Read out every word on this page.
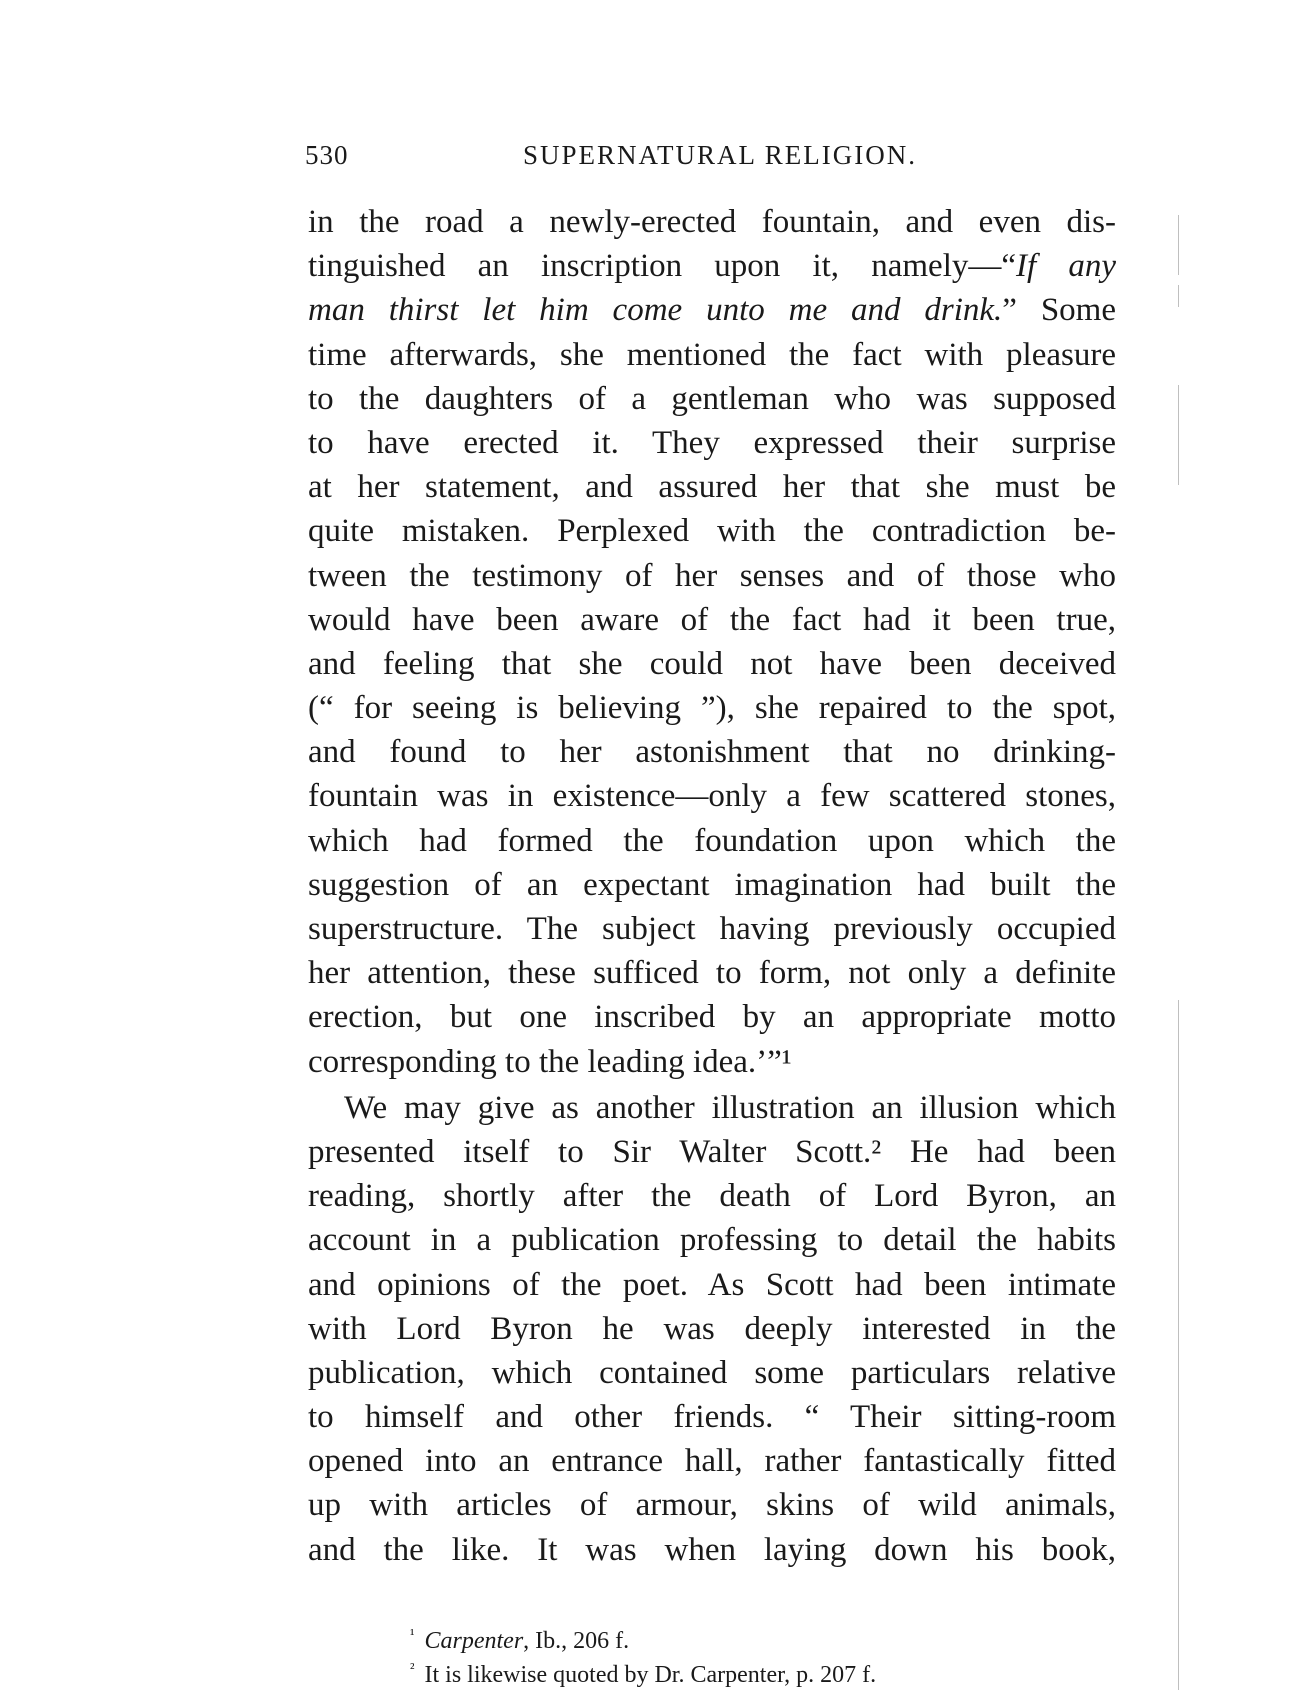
530	SUPERNATURAL RELIGION.
in the road a newly-erected fountain, and even dis-
tinguished an inscription upon it, namely—“If any
man thirst let him come unto me and drink.” Some
time afterwards, she mentioned the fact with pleasure
to the daughters of a gentleman who was supposed
to have erected it. They expressed their surprise
at her statement, and assured her that she must be
quite mistaken. Perplexed with the contradiction be-
tween the testimony of her senses and of those who
would have been aware of the fact had it been true,
and feeling that she could not have been deceived
(“ for seeing is believing ”), she repaired to the spot,
and found to her astonishment that no drinking-
fountain was in existence—only a few scattered stones,
which had formed the foundation upon which the
suggestion of an expectant imagination had built the
superstructure. The subject having previously occupied
her attention, these sufficed to form, not only a definite
erection, but one inscribed by an appropriate motto
corresponding to the leading idea.’”¹
We may give as another illustration an illusion which
presented itself to Sir Walter Scott.² He had been
reading, shortly after the death of Lord Byron, an
account in a publication professing to detail the habits
and opinions of the poet. As Scott had been intimate
with Lord Byron he was deeply interested in the
publication, which contained some particulars relative
to himself and other friends. “ Their sitting-room
opened into an entrance hall, rather fantastically fitted
up with articles of armour, skins of wild animals,
and the like. It was when laying down his book,
$^{^1}$ Carpenter, Ib., 206 f.
$^{^2}$ It is likewise quoted by Dr. Carpenter, p. 207 f.
